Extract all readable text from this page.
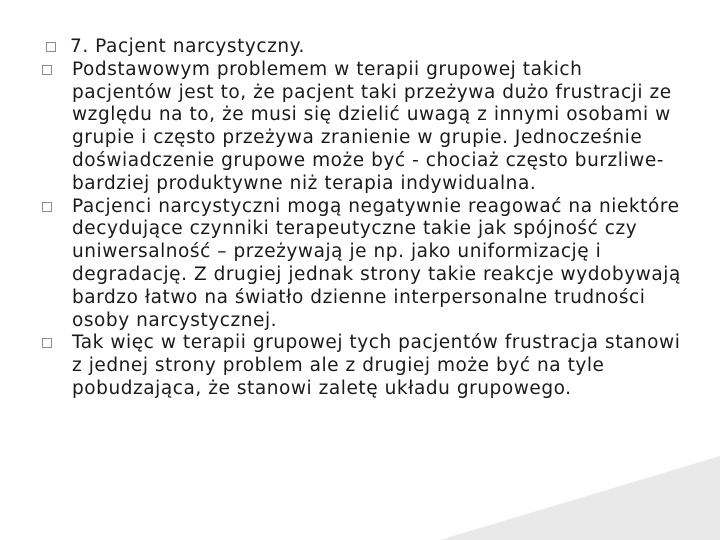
7. Pacjent narcystyczny.
Podstawowym problemem w terapii grupowej takich pacjentów jest to, że pacjent taki przeżywa dużo frustracji ze względu na to, że musi się dzielić uwagą z innymi osobami w grupie i często przeżywa zranienie w grupie. Jednocześnie doświadczenie grupowe może być - chociaż często burzliwe- bardziej produktywne niż terapia indywidualna.
Pacjenci narcystyczni mogą negatywnie reagować na niektóre decydujące czynniki terapeutyczne takie jak spójność czy uniwersalność – przeżywają je np. jako uniformizację i degradację. Z drugiej jednak strony takie reakcje wydobywają bardzo łatwo na światło dzienne interpersonalne trudności osoby narcystycznej.
Tak więc w terapii grupowej tych pacjentów frustracja stanowi z jednej strony problem ale z drugiej może być na tyle pobudzająca, że stanowi zaletę układu grupowego.
